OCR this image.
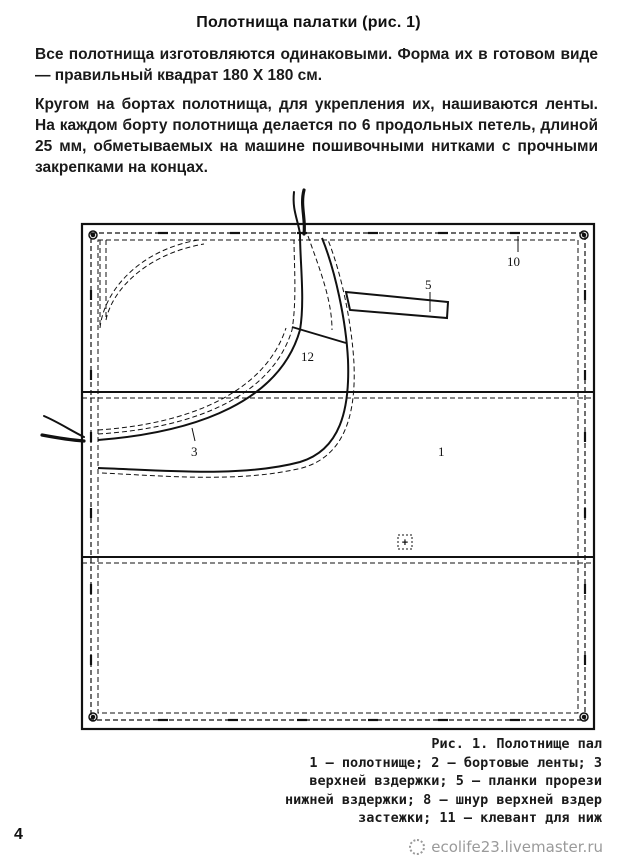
Полотнища палатки (рис. 1)
Все полотнища изготовляются одинаковыми. Форма их в готовом виде — правильный квадрат 180 X 180 см.
Кругом на бортах полотнища, для укрепления их, нашиваются ленты. На каждом борту полотнища делается по 6 продольных петель, длиной 25 мм, обметываемых на машине пошивочными нитками с прочными закрепками на концах.
+
1
3
5
10
12
Рис. 1. Полотнище пал
1 — полотнище; 2 — бортовые ленты; 3
верхней вздержки; 5 — планки прорези
нижней вздержки; 8 — шнур верхней вздер
застежки; 11 — клевант для ниж
4
ecolife23.livemaster.ru
